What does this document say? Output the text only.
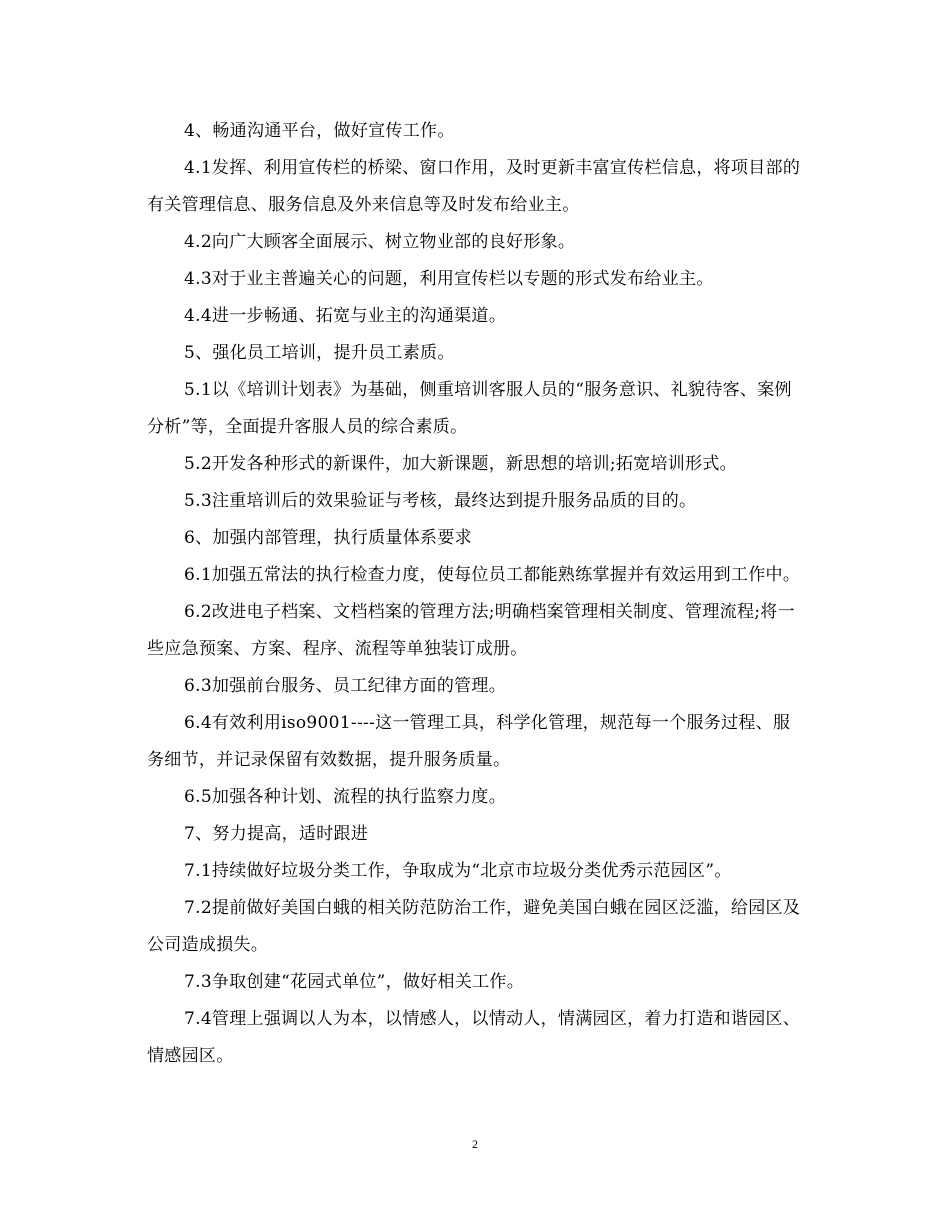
4、畅通沟通平台，做好宣传工作。

4.1发挥、利用宣传栏的桥梁、窗口作用，及时更新丰富宣传栏信息，将项目部的有关管理信息、服务信息及外来信息等及时发布给业主。

4.2向广大顾客全面展示、树立物业部的良好形象。

4.3对于业主普遍关心的问题，利用宣传栏以专题的形式发布给业主。

4.4进一步畅通、拓宽与业主的沟通渠道。

5、强化员工培训，提升员工素质。

5.1以《培训计划表》为基础，侧重培训客服人员的“服务意识、礼貌待客、案例分析”等，全面提升客服人员的综合素质。

5.2开发各种形式的新课件，加大新课题，新思想的培训;拓宽培训形式。

5.3注重培训后的效果验证与考核，最终达到提升服务品质的目的。

6、加强内部管理，执行质量体系要求

6.1加强五常法的执行检查力度，使每位员工都能熟练掌握并有效运用到工作中。

6.2改进电子档案、文档档案的管理方法;明确档案管理相关制度、管理流程;将一些应急预案、方案、程序、流程等单独装订成册。

6.3加强前台服务、员工纪律方面的管理。

6.4有效利用iso9001----这一管理工具，科学化管理，规范每一个服务过程、服务细节，并记录保留有效数据，提升服务质量。

6.5加强各种计划、流程的执行监察力度。

7、努力提高，适时跟进

7.1持续做好垃圾分类工作，争取成为“北京市垃圾分类优秀示范园区”。

7.2提前做好美国白蛾的相关防范防治工作，避免美国白蛾在园区泛滥，给园区及公司造成损失。

7.3争取创建“花园式单位”，做好相关工作。

7.4管理上强调以人为本，以情感人，以情动人，情满园区，着力打造和谐园区、情感园区。

2
